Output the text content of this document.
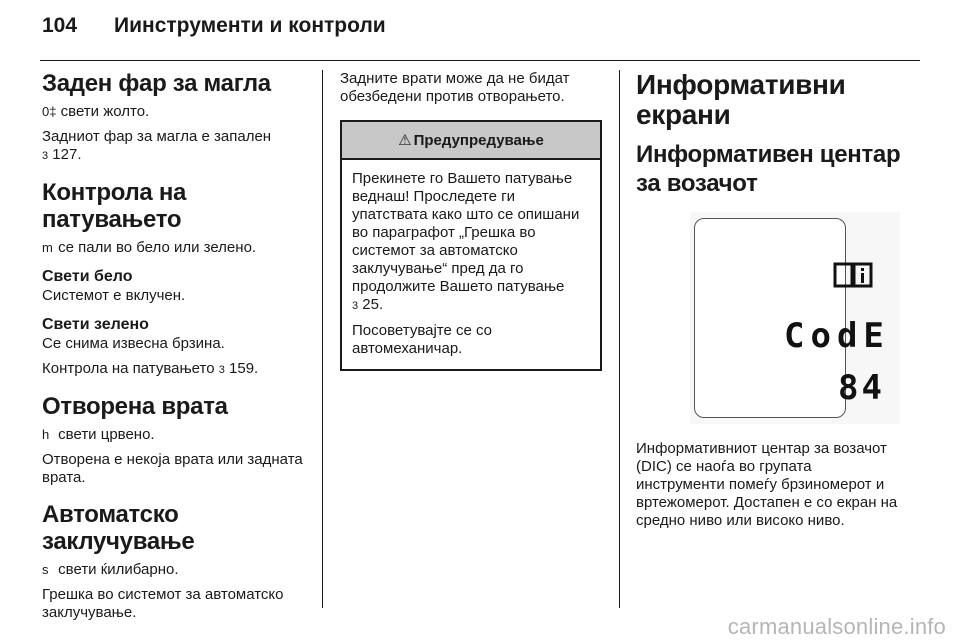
104	Иинструменти и контроли
Заден фар за магла

0‡ свети жолто.

Задниот фар за магла е запален
3 127.

Контрола на патувањето

m се пали во бело или зелено.

Свети бело

Системот е вклучен.

Свети зелено

Се снима извесна брзина.

Контрола на патувањето 3 159.

Отворена врата

h свети црвено.

Отворена е некоја врата или задната врата.

Автоматско заклучување

s свети ќилибарно.

Грешка во системот за автоматско заклучување.

Задните врати може да не бидат обезбедени против отворањето.

⚠ Предупредување

Прекинете го Вашето патување веднаш! Проследете ги упатствата како што се опишани во параграфот „Грешка во системот за автоматско заклучување“ пред да го продолжите Вашето патување
3 25.

Посоветувајте се со автомеханичар.

Информативни екрани
Информативен центар за возачот
CodE
84

Информативниот центар за возачот (DIC) се наоѓа во групата инструменти помеѓу брзиномерот и вртежомерот. Достапен е со екран на средно ниво или високо ниво.

carmanualsonline.info
